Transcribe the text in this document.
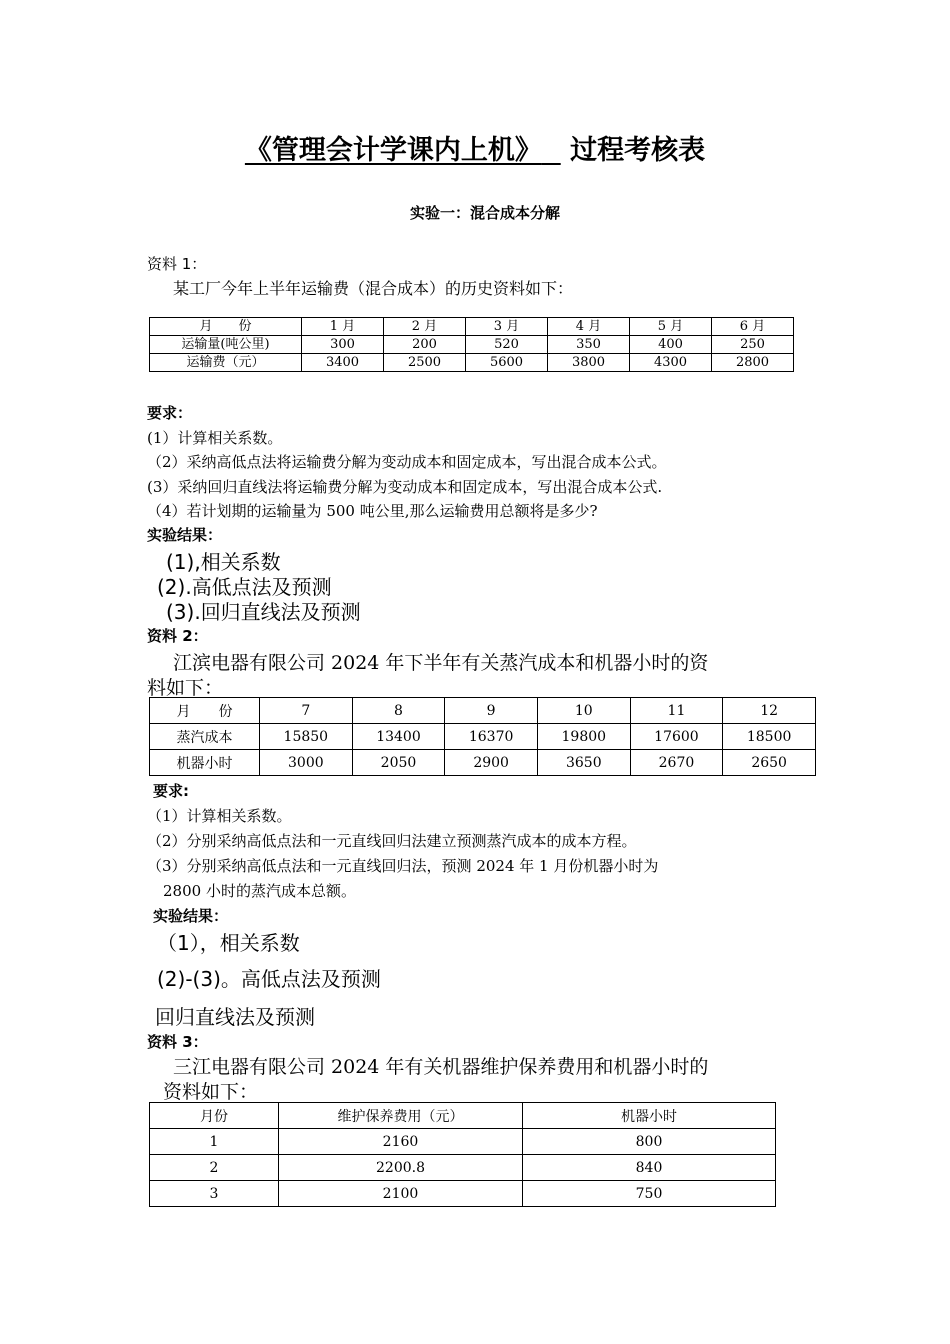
《管理会计学课内上机》 过程考核表
实验一：混合成本分解
资料 1：
某工厂今年上半年运输费（混合成本）的历史资料如下：
月　　份	1 月	2 月	3 月	4 月	5 月	6 月
运输量(吨公里)	300	200	520	350	400	250
运输费（元）	3400	2500	5600	3800	4300	2800
要求：
(1）计算相关系数。
（2）采纳高低点法将运输费分解为变动成本和固定成本，写出混合成本公式。
(3）采纳回归直线法将运输费分解为变动成本和固定成本，写出混合成本公式.
（4）若计划期的运输量为 500 吨公里,那么运输费用总额将是多少?
实验结果：
(1),相关系数
(2).高低点法及预测
(3).回归直线法及预测
资料 2：
江滨电器有限公司 2024 年下半年有关蒸汽成本和机器小时的资
料如下：
月　　份	7	8	9	10	11	12
蒸汽成本	15850	13400	16370	19800	17600	18500
机器小时	3000	2050	2900	3650	2670	2650
要求:
（1）计算相关系数。
（2）分别采纳高低点法和一元直线回归法建立预测蒸汽成本的成本方程。
（3）分别采纳高低点法和一元直线回归法，预测 2024 年 1 月份机器小时为
2800 小时的蒸汽成本总额。
实验结果：
（1），相关系数
(2)-(3)。高低点法及预测
回归直线法及预测
资料 3：
三江电器有限公司 2024 年有关机器维护保养费用和机器小时的
资料如下：
月份	维护保养费用（元）	机器小时
1	2160	800
2	2200.8	840
3	2100	750
